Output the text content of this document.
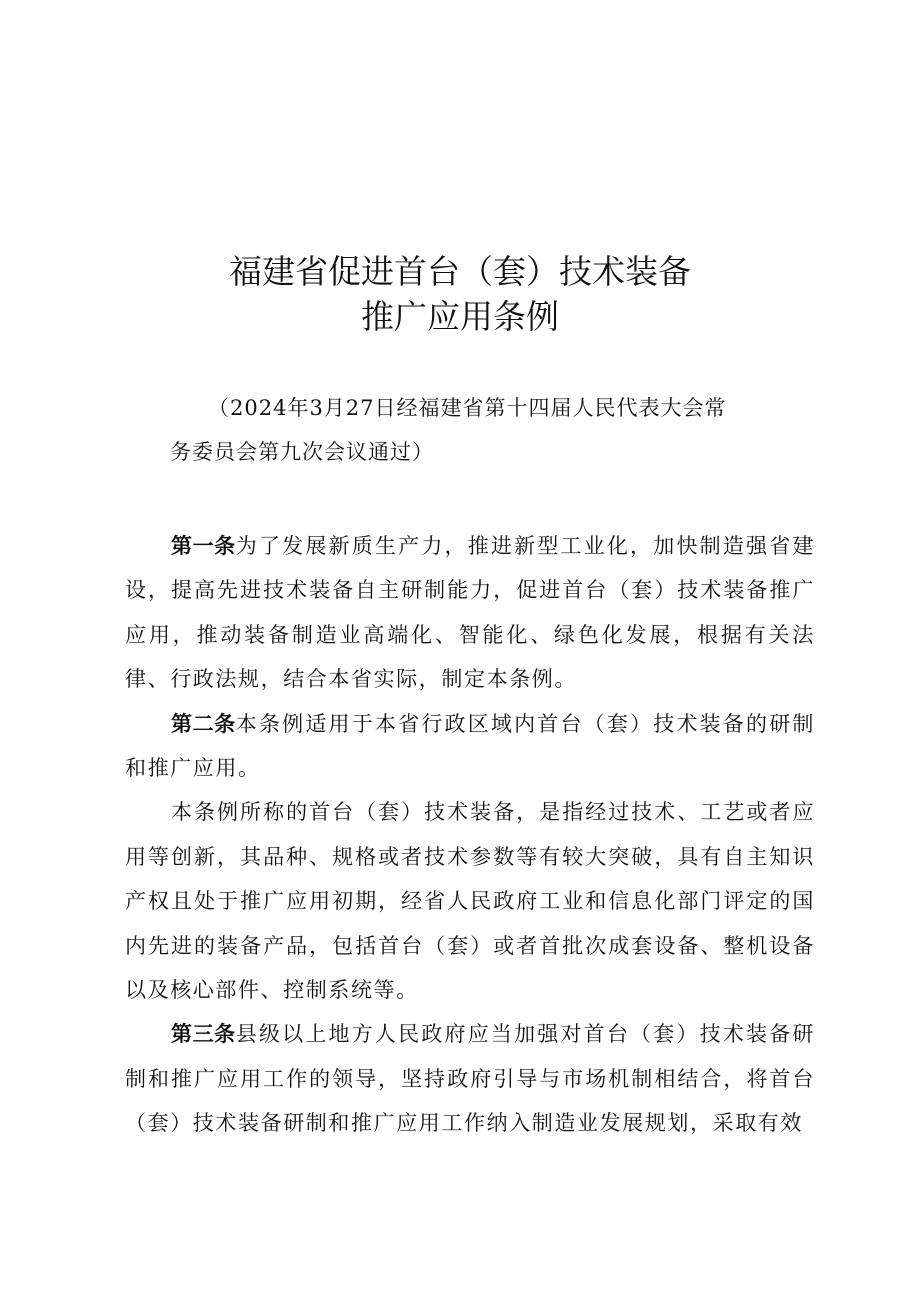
福建省促进首台（套）技术装备
推广应用条例
（2024年3月27日经福建省第十四届人民代表大会常
务委员会第九次会议通过）

第一条为了发展新质生产力，推进新型工业化，加快制造强省建设，提高先进技术装备自主研制能力，促进首台（套）技术装备推广应用，推动装备制造业高端化、智能化、绿色化发展，根据有关法律、行政法规，结合本省实际，制定本条例。

第二条本条例适用于本省行政区域内首台（套）技术装备的研制和推广应用。

本条例所称的首台（套）技术装备，是指经过技术、工艺或者应用等创新，其品种、规格或者技术参数等有较大突破，具有自主知识产权且处于推广应用初期，经省人民政府工业和信息化部门评定的国内先进的装备产品，包括首台（套）或者首批次成套设备、整机设备以及核心部件、控制系统等。

第三条县级以上地方人民政府应当加强对首台（套）技术装备研制和推广应用工作的领导，坚持政府引导与市场机制相结合，将首台（套）技术装备研制和推广应用工作纳入制造业发展规划，采取有效
